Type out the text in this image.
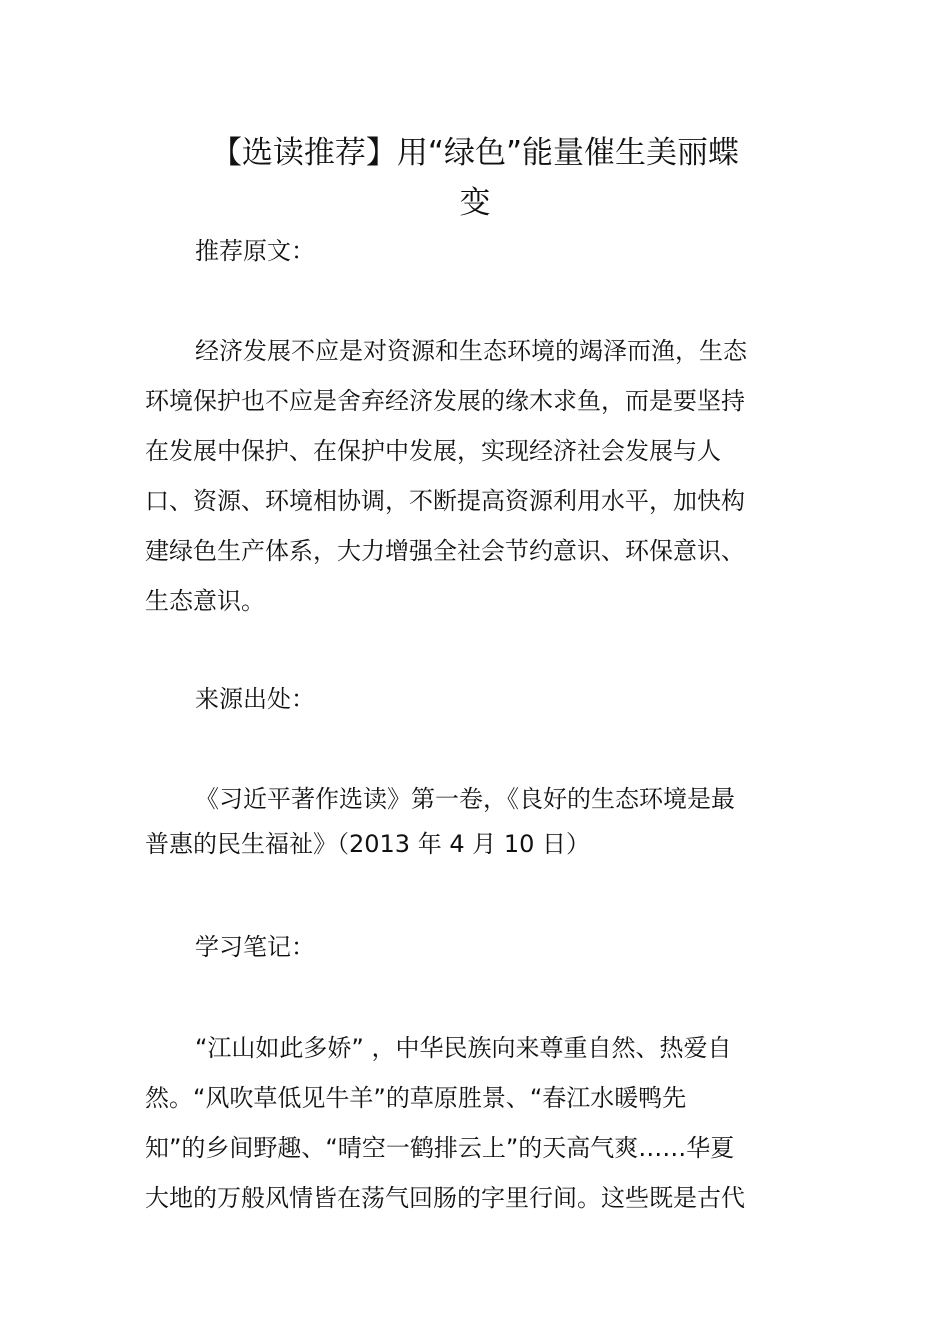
【选读推荐】用“绿色”能量催生美丽蝶
变

推荐原文：

经济发展不应是对资源和生态环境的竭泽而渔，生态
环境保护也不应是舍弃经济发展的缘木求鱼，而是要坚持
在发展中保护、在保护中发展，实现经济社会发展与人
口、资源、环境相协调，不断提高资源利用水平，加快构
建绿色生产体系，大力增强全社会节约意识、环保意识、
生态意识。

来源出处：

《习近平著作选读》第一卷，《良好的生态环境是最
普惠的民生福祉》（2013 年 4 月 10 日）

学习笔记：

“江山如此多娇” ，中华民族向来尊重自然、热爱自
然。“风吹草低见牛羊”的草原胜景、“春江水暖鸭先
知”的乡间野趣、“晴空一鹤排云上”的天高气爽……华夏
大地的万般风情皆在荡气回肠的字里行间。这些既是古代
